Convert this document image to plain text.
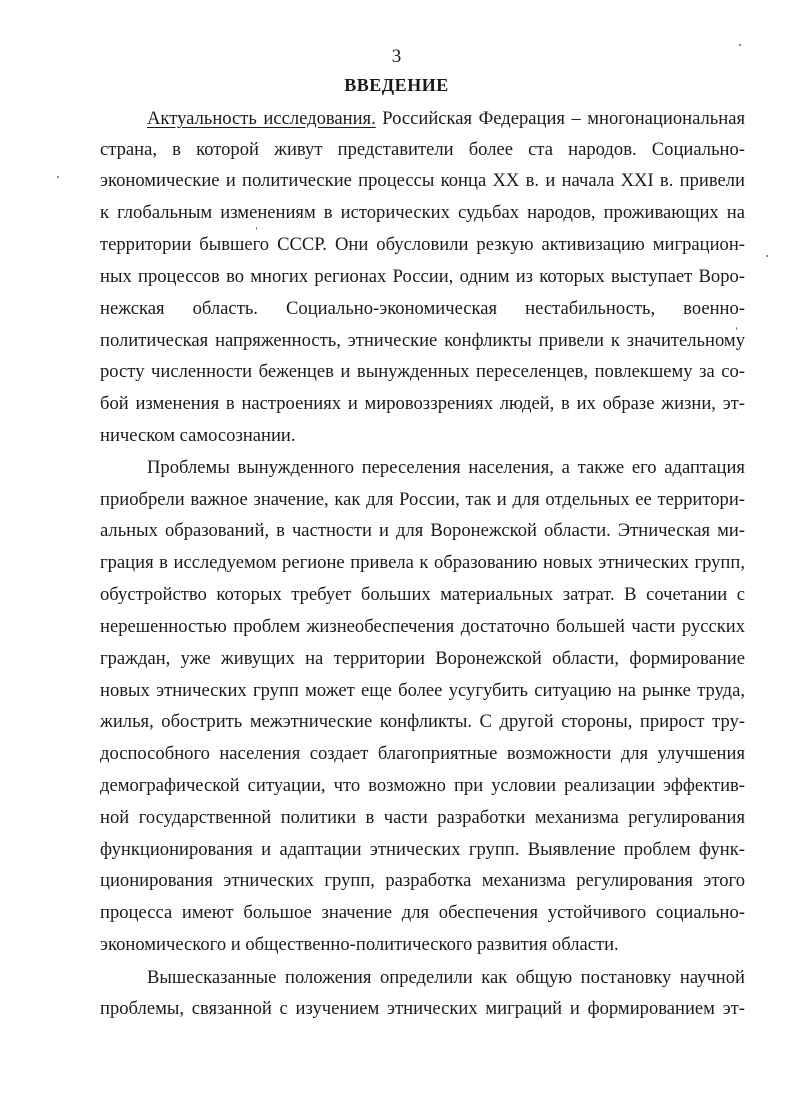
3
ВВЕДЕНИЕ
Актуальность исследования. Российская Федерация – многонациональная
страна, в которой живут представители более ста народов. Социально-
экономические и политические процессы конца XX в. и начала XXI в. привели
к глобальным изменениям в исторических судьбах народов, проживающих на
территории бывшего СССР. Они обусловили резкую активизацию миграцион-
ных процессов во многих регионах России, одним из которых выступает Воро-
нежская область. Социально-экономическая нестабильность, военно-
политическая напряженность, этнические конфликты привели к значительному
росту численности беженцев и вынужденных переселенцев, повлекшему за со-
бой изменения в настроениях и мировоззрениях людей, в их образе жизни, эт-
ническом самосознании.
Проблемы вынужденного переселения населения, а также его адаптация
приобрели важное значение, как для России, так и для отдельных ее территори-
альных образований, в частности и для Воронежской области. Этническая ми-
грация в исследуемом регионе привела к образованию новых этнических групп,
обустройство которых требует больших материальных затрат. В сочетании с
нерешенностью проблем жизнеобеспечения достаточно большей части русских
граждан, уже живущих на территории Воронежской области, формирование
новых этнических групп может еще более усугубить ситуацию на рынке труда,
жилья, обострить межэтнические конфликты. С другой стороны, прирост тру-
доспособного населения создает благоприятные возможности для улучшения
демографической ситуации, что возможно при условии реализации эффектив-
ной государственной политики в части разработки механизма регулирования
функционирования и адаптации этнических групп. Выявление проблем функ-
ционирования этнических групп, разработка механизма регулирования этого
процесса имеют большое значение для обеспечения устойчивого социально-
экономического и общественно-политического развития области.
Вышесказанные положения определили как общую постановку научной
проблемы, связанной с изучением этнических миграций и формированием эт-
